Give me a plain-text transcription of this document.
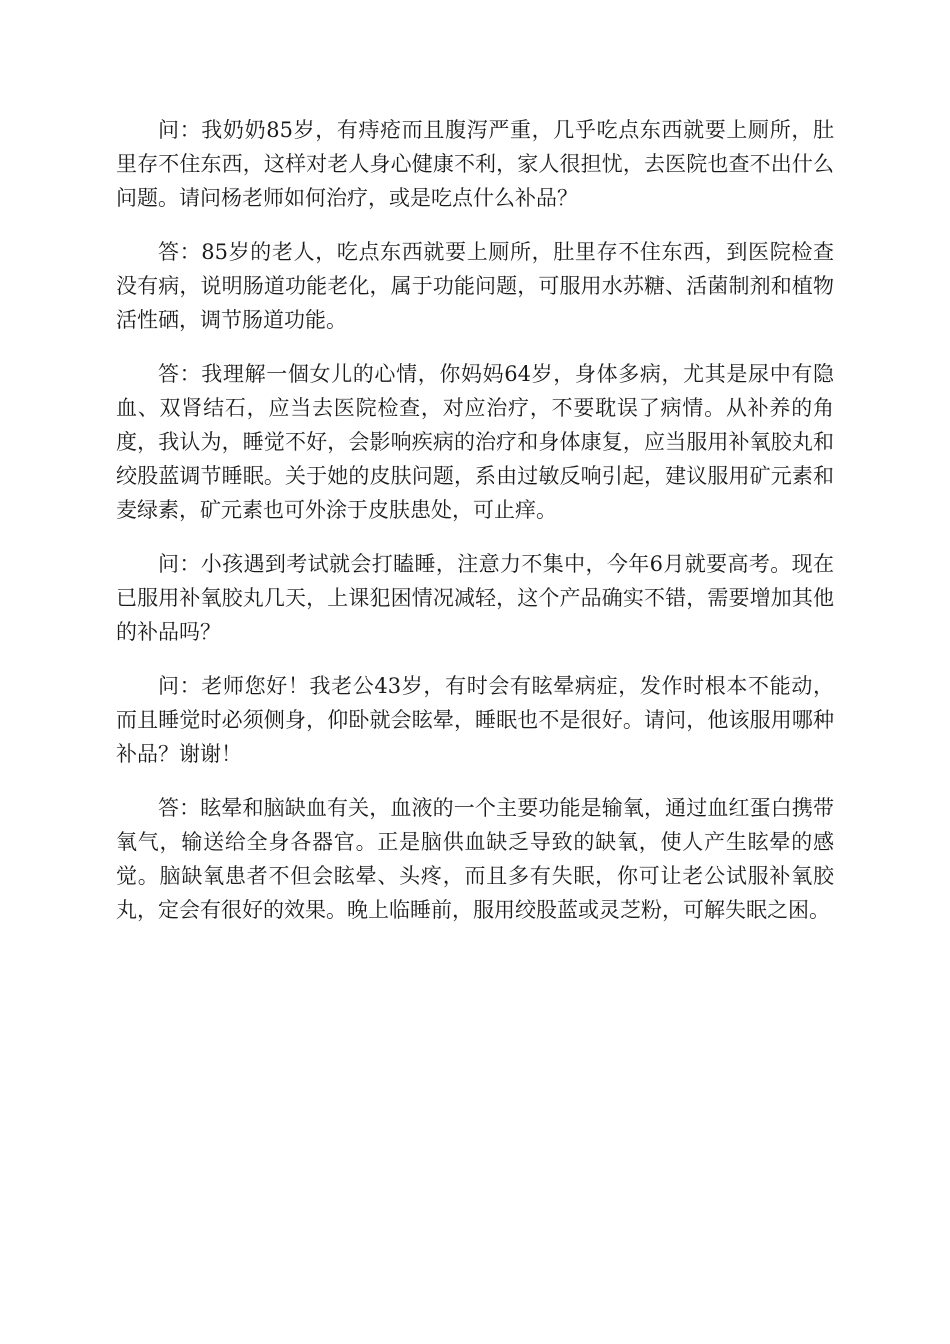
问：我奶奶85岁，有痔疮而且腹泻严重，几乎吃点东西就要上厕所，肚里存不住东西，这样对老人身心健康不利，家人很担忧，去医院也查不出什么问题。请问杨老师如何治疗，或是吃点什么补品？

答：85岁的老人，吃点东西就要上厕所，肚里存不住东西，到医院检查没有病，说明肠道功能老化，属于功能问题，可服用水苏糖、活菌制剂和植物活性硒，调节肠道功能。

答：我理解一個女儿的心情，你妈妈64岁，身体多病，尤其是尿中有隐血、双肾结石，应当去医院检查，对应治疗，不要耽误了病情。从补养的角度，我认为，睡觉不好，会影响疾病的治疗和身体康复，应当服用补氧胶丸和绞股蓝调节睡眠。关于她的皮肤问题，系由过敏反响引起，建议服用矿元素和麦绿素，矿元素也可外涂于皮肤患处，可止痒。

问：小孩遇到考试就会打瞌睡，注意力不集中，今年6月就要高考。现在已服用补氧胶丸几天，上课犯困情况减轻，这个产品确实不错，需要增加其他的补品吗？

问：老师您好！我老公43岁，有时会有眩晕病症，发作时根本不能动，而且睡觉时必须侧身，仰卧就会眩晕，睡眠也不是很好。请问，他该服用哪种补品？谢谢！

答：眩晕和脑缺血有关，血液的一个主要功能是输氧，通过血红蛋白携带氧气，输送给全身各器官。正是脑供血缺乏导致的缺氧，使人产生眩晕的感觉。脑缺氧患者不但会眩晕、头疼，而且多有失眠，你可让老公试服补氧胶丸，定会有很好的效果。晚上临睡前，服用绞股蓝或灵芝粉，可解失眠之困。
